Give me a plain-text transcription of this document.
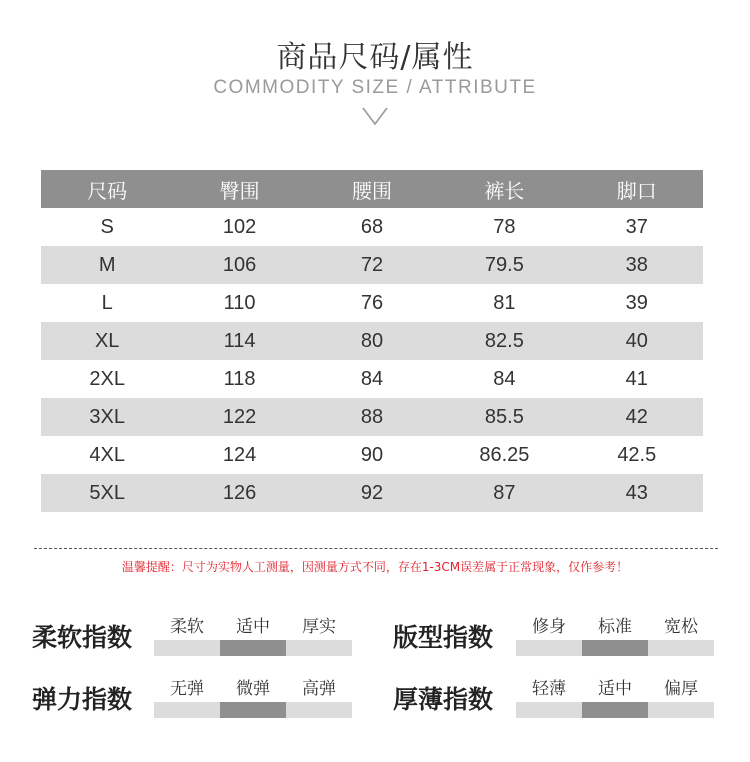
商品尺码/属性
COMMODITY SIZE / ATTRIBUTE
尺码	臀围	腰围	裤长	脚口
S	102	68	78	37
M	106	72	79.5	38
L	110	76	81	39
XL	114	80	82.5	40
2XL	118	84	84	41
3XL	122	88	85.5	42
4XL	124	90	86.25	42.5
5XL	126	92	87	43
温馨提醒：尺寸为实物人工测量，因测量方式不同，存在1-3CM误差属于正常现象，仅作参考！
柔软指数	柔软	适中	厚实	版型指数	修身	标准	宽松
弹力指数	无弹	微弹	高弹	厚薄指数	轻薄	适中	偏厚
